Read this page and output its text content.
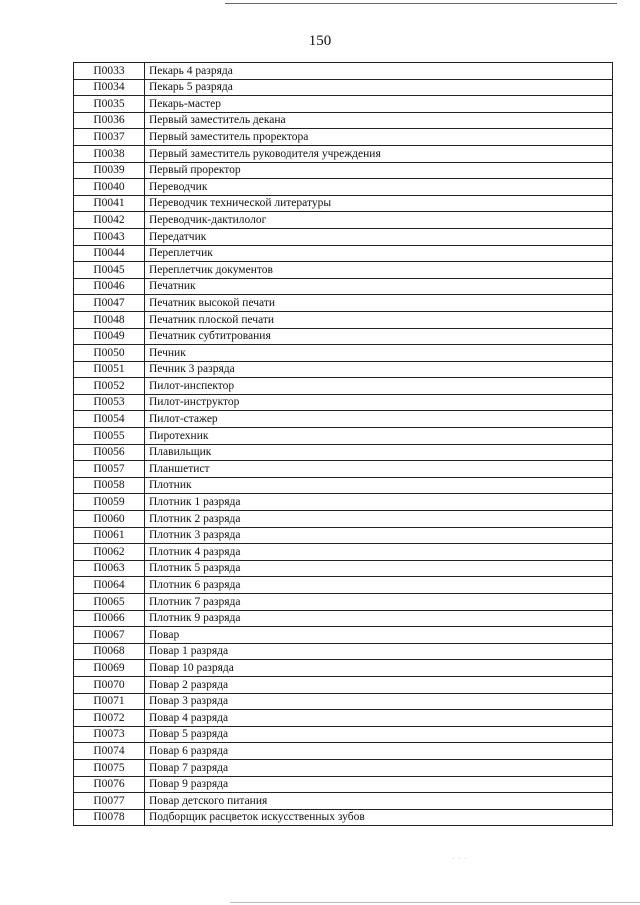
150
П0033	Пекарь 4 разряда
П0034	Пекарь 5 разряда
П0035	Пекарь-мастер
П0036	Первый заместитель декана
П0037	Первый заместитель проректора
П0038	Первый заместитель руководителя учреждения
П0039	Первый проректор
П0040	Переводчик
П0041	Переводчик технической литературы
П0042	Переводчик-дактилолог
П0043	Передатчик
П0044	Переплетчик
П0045	Переплетчик документов
П0046	Печатник
П0047	Печатник высокой печати
П0048	Печатник плоской печати
П0049	Печатник субтитрования
П0050	Печник
П0051	Печник 3 разряда
П0052	Пилот-инспектор
П0053	Пилот-инструктор
П0054	Пилот-стажер
П0055	Пиротехник
П0056	Плавильщик
П0057	Планшетист
П0058	Плотник
П0059	Плотник 1 разряда
П0060	Плотник 2 разряда
П0061	Плотник 3 разряда
П0062	Плотник 4 разряда
П0063	Плотник 5 разряда
П0064	Плотник 6 разряда
П0065	Плотник 7 разряда
П0066	Плотник 9 разряда
П0067	Повар
П0068	Повар 1 разряда
П0069	Повар 10 разряда
П0070	Повар 2 разряда
П0071	Повар 3 разряда
П0072	Повар 4 разряда
П0073	Повар 5 разряда
П0074	Повар 6 разряда
П0075	Повар 7 разряда
П0076	Повар 9 разряда
П0077	Повар детского питания
П0078	Подборщик расцветок искусственных зубов
· · ·
